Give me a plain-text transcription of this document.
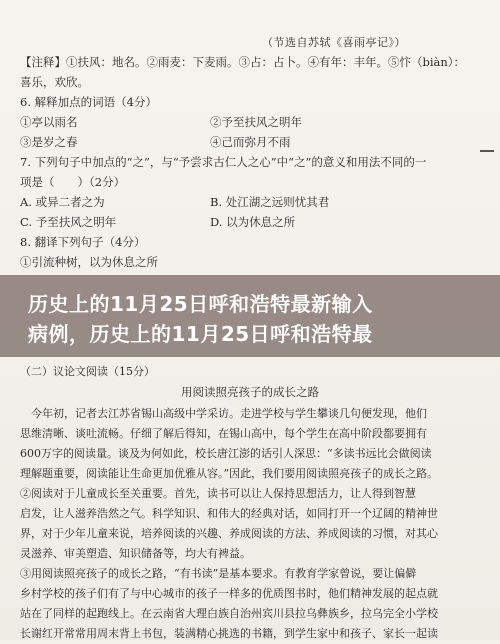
（节选自苏轼《喜雨亭记》）
【注释】①扶风：地名。②雨麦：下麦雨。③占：占卜。④有年：丰年。⑤忭（biàn）：
喜乐，欢欣。
6. 解释加点的词语（4分）
①亭以雨名	②予至扶风之明年
③是岁之春	④己而弥月不雨
7. 下列句子中加点的“之”，与“予尝求古仁人之心”中“之”的意义和用法不同的一
项是（　　）（2分）
A. 或异二者之为	B. 处江湖之远则忧其君
C. 予至扶风之明年	D. 以为休息之所
8. 翻译下列句子（4分）
①引流种树，以为休息之所
历史上的11月25日呼和浩特最新输入
病例，历史上的11月25日呼和浩特最
（二）议论文阅读（15分）
用阅读照亮孩子的成长之路
　今年初，记者去江苏省锡山高级中学采访。走进学校与学生攀谈几句便发现，他们
思维清晰、谈吐流畅。仔细了解后得知，在锡山高中，每个学生在高中阶段都要拥有
600万字的阅读量。谈及为何如此，校长唐江澎的话引人深思：“多读书远比会做阅读
理解题重要，阅读能让生命更加优雅从容。”因此，我们要用阅读照亮孩子的成长之路。
②阅读对于儿童成长至关重要。首先，读书可以让人保持思想活力，让人得到智慧
启发，让人滋养浩然之气。科学知识、和伟大的经典对话，如同打开一个辽阔的精神世
界，对于少年儿童来说，培养阅读的兴趣、养成阅读的方法、养成阅读的习惯，对其心
灵滋养、审美塑造、知识储备等，均大有裨益。
③用阅读照亮孩子的成长之路，“有书读”是基本要求。有教育学家曾说，要让偏僻
乡村学校的孩子们有了与中心城市的孩子一样多的优质图书时，他们精神发展的起点就
站在了同样的起跑线上。在云南省大理白族自治州宾川县拉乌彝族乡，拉乌完全小学校
长谢红开常常用周末背上书包，装满精心挑选的书籍，到学生家中和孩子、家长一起读
